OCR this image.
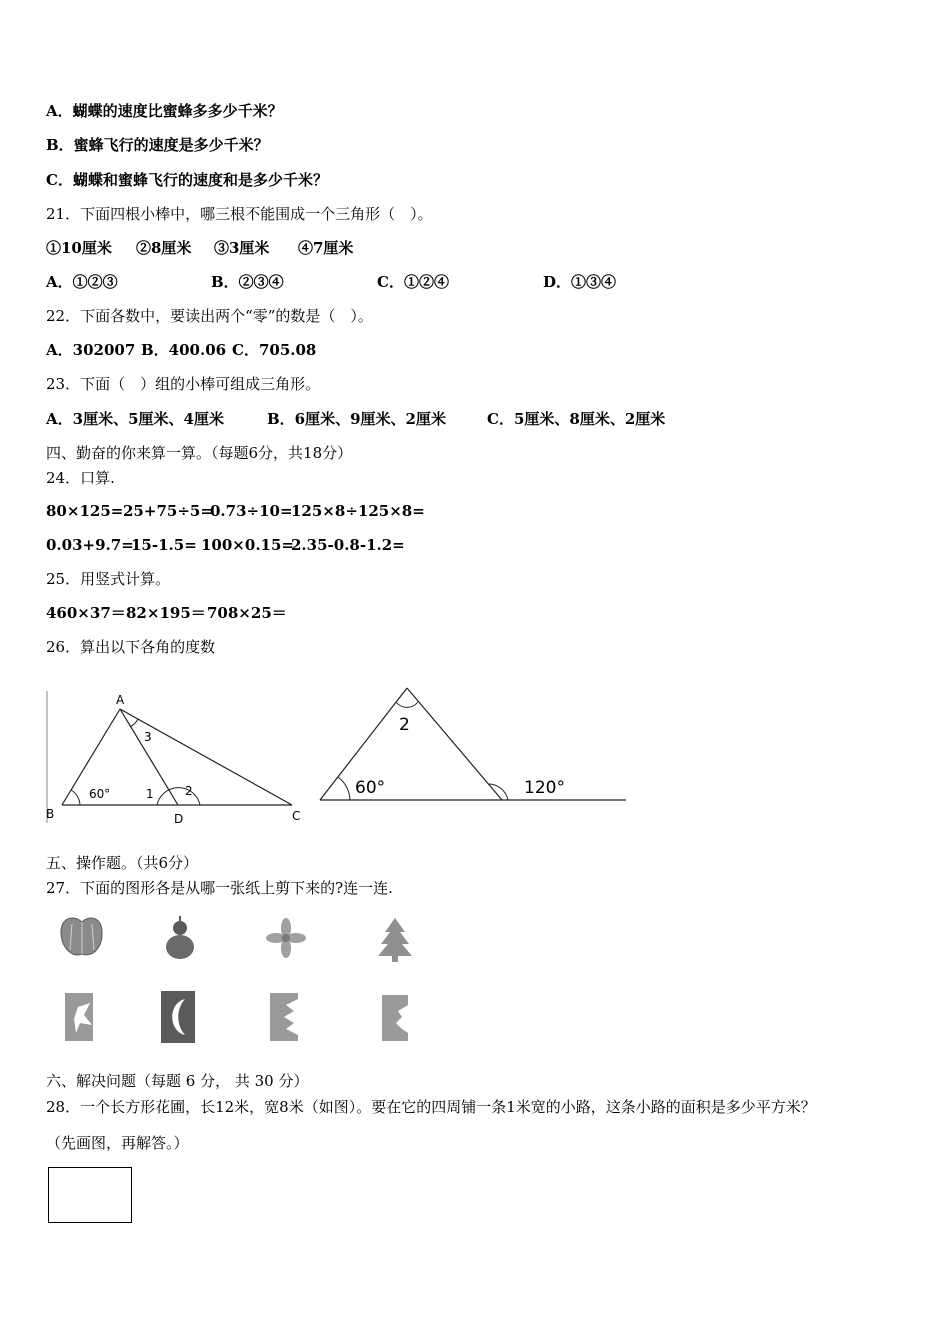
A．蝴蝶的速度比蜜蜂多多少千米？
B．蜜蜂飞行的速度是多少千米？
C．蝴蝶和蜜蜂飞行的速度和是多少千米？
21．下面四根小棒中，哪三根不能围成一个三角形（　）。
①10厘米 ②8厘米 ③3厘米 ④7厘米
A．①②③	B．②③④	C．①②④	D．①③④
22．下面各数中，要读出两个“零”的数是（　）。
A．302007 B．400.06 C．705.08
23．下面（　）组的小棒可组成三角形。
A．3厘米、5厘米、4厘米	B．6厘米、9厘米、2厘米	C．5厘米、8厘米、2厘米
四、勤奋的你来算一算。（每题6分，共18分）
24．口算.
80×125=25+75÷5=0.73÷10=125×8÷125×8=
0.03+9.7=15-1.5= 100×0.15=2.35-0.8-1.2=
25．用竖式计算。
460×37＝82×195＝708×25＝
26．算出以下各角的度数
A
B	C
D
60°	1	2
3
2
60°	120°
五、操作题。（共6分）
27．下面的图形各是从哪一张纸上剪下来的?连一连.
六、解决问题（每题 6 分， 共 30 分）
28．一个长方形花圃，长12米，宽8米（如图）。要在它的四周铺一条1米宽的小路，这条小路的面积是多少平方米？
（先画图，再解答。）
